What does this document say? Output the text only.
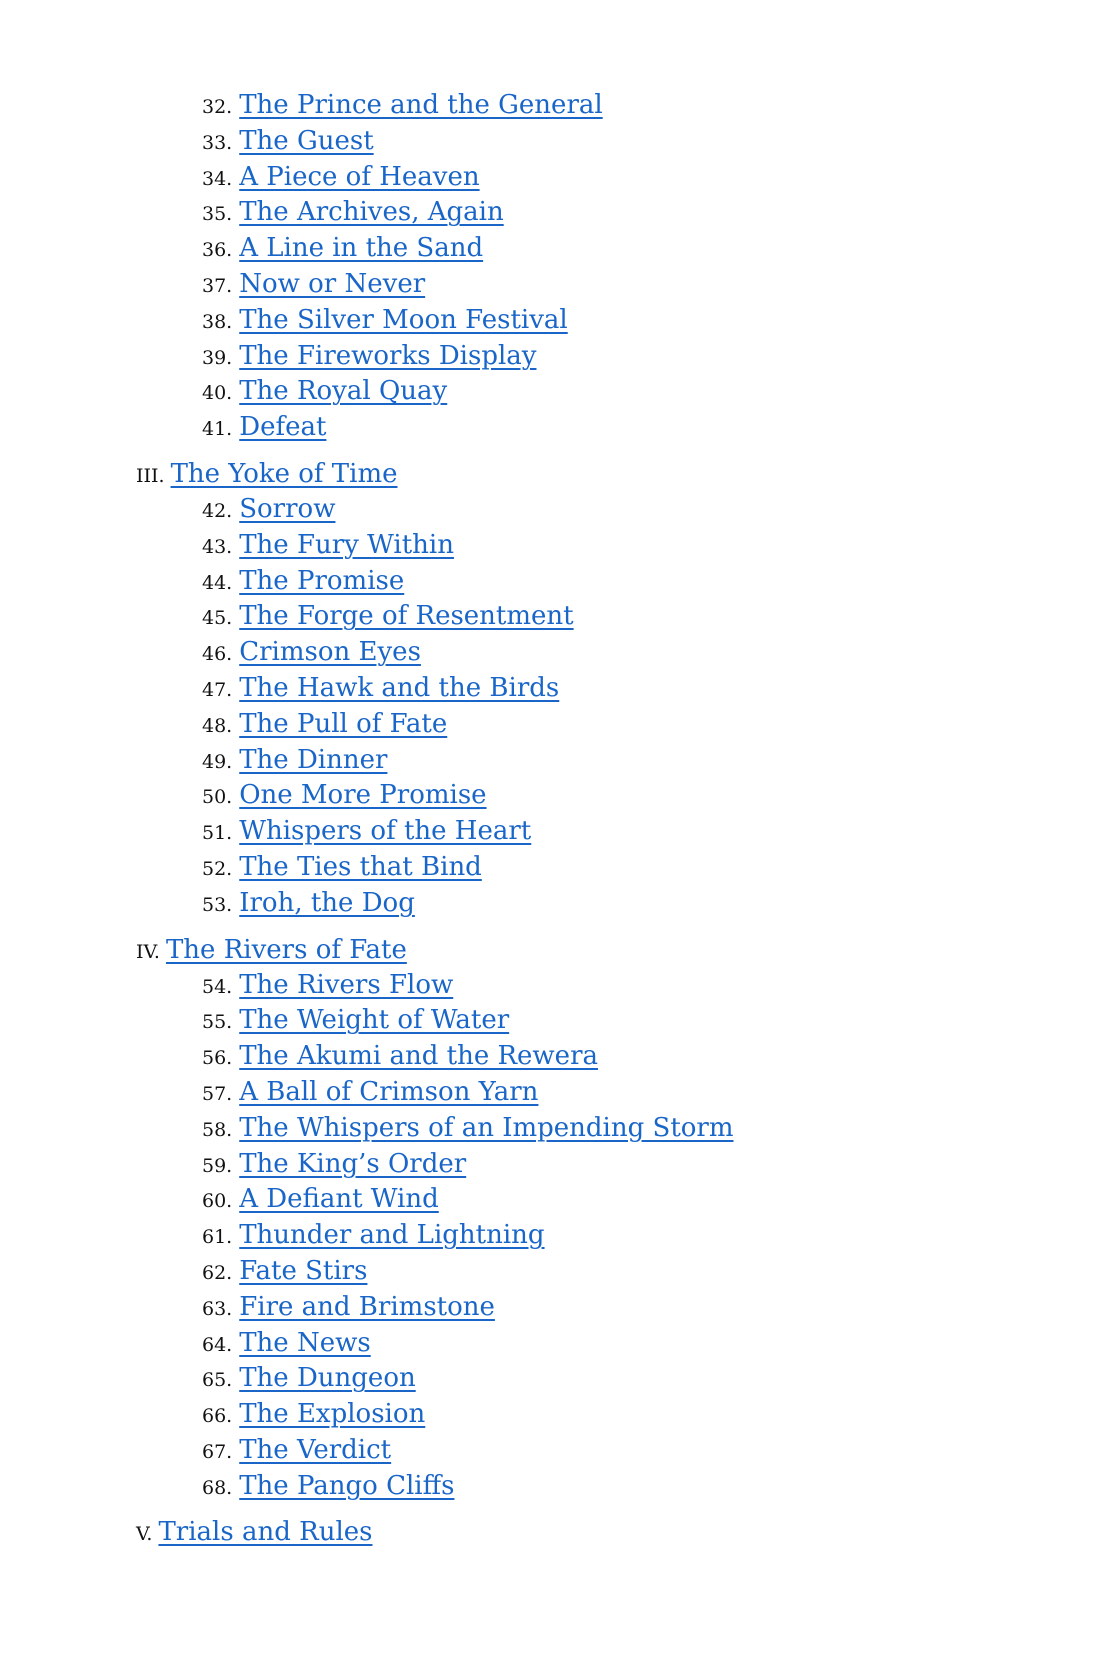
32. The Prince and the General
33. The Guest
34. A Piece of Heaven
35. The Archives, Again
36. A Line in the Sand
37. Now or Never
38. The Silver Moon Festival
39. The Fireworks Display
40. The Royal Quay
41. Defeat
III. The Yoke of Time
42. Sorrow
43. The Fury Within
44. The Promise
45. The Forge of Resentment
46. Crimson Eyes
47. The Hawk and the Birds
48. The Pull of Fate
49. The Dinner
50. One More Promise
51. Whispers of the Heart
52. The Ties that Bind
53. Iroh, the Dog
IV. The Rivers of Fate
54. The Rivers Flow
55. The Weight of Water
56. The Akumi and the Rewera
57. A Ball of Crimson Yarn
58. The Whispers of an Impending Storm
59. The King’s Order
60. A Defiant Wind
61. Thunder and Lightning
62. Fate Stirs
63. Fire and Brimstone
64. The News
65. The Dungeon
66. The Explosion
67. The Verdict
68. The Pango Cliffs
V. Trials and Rules
